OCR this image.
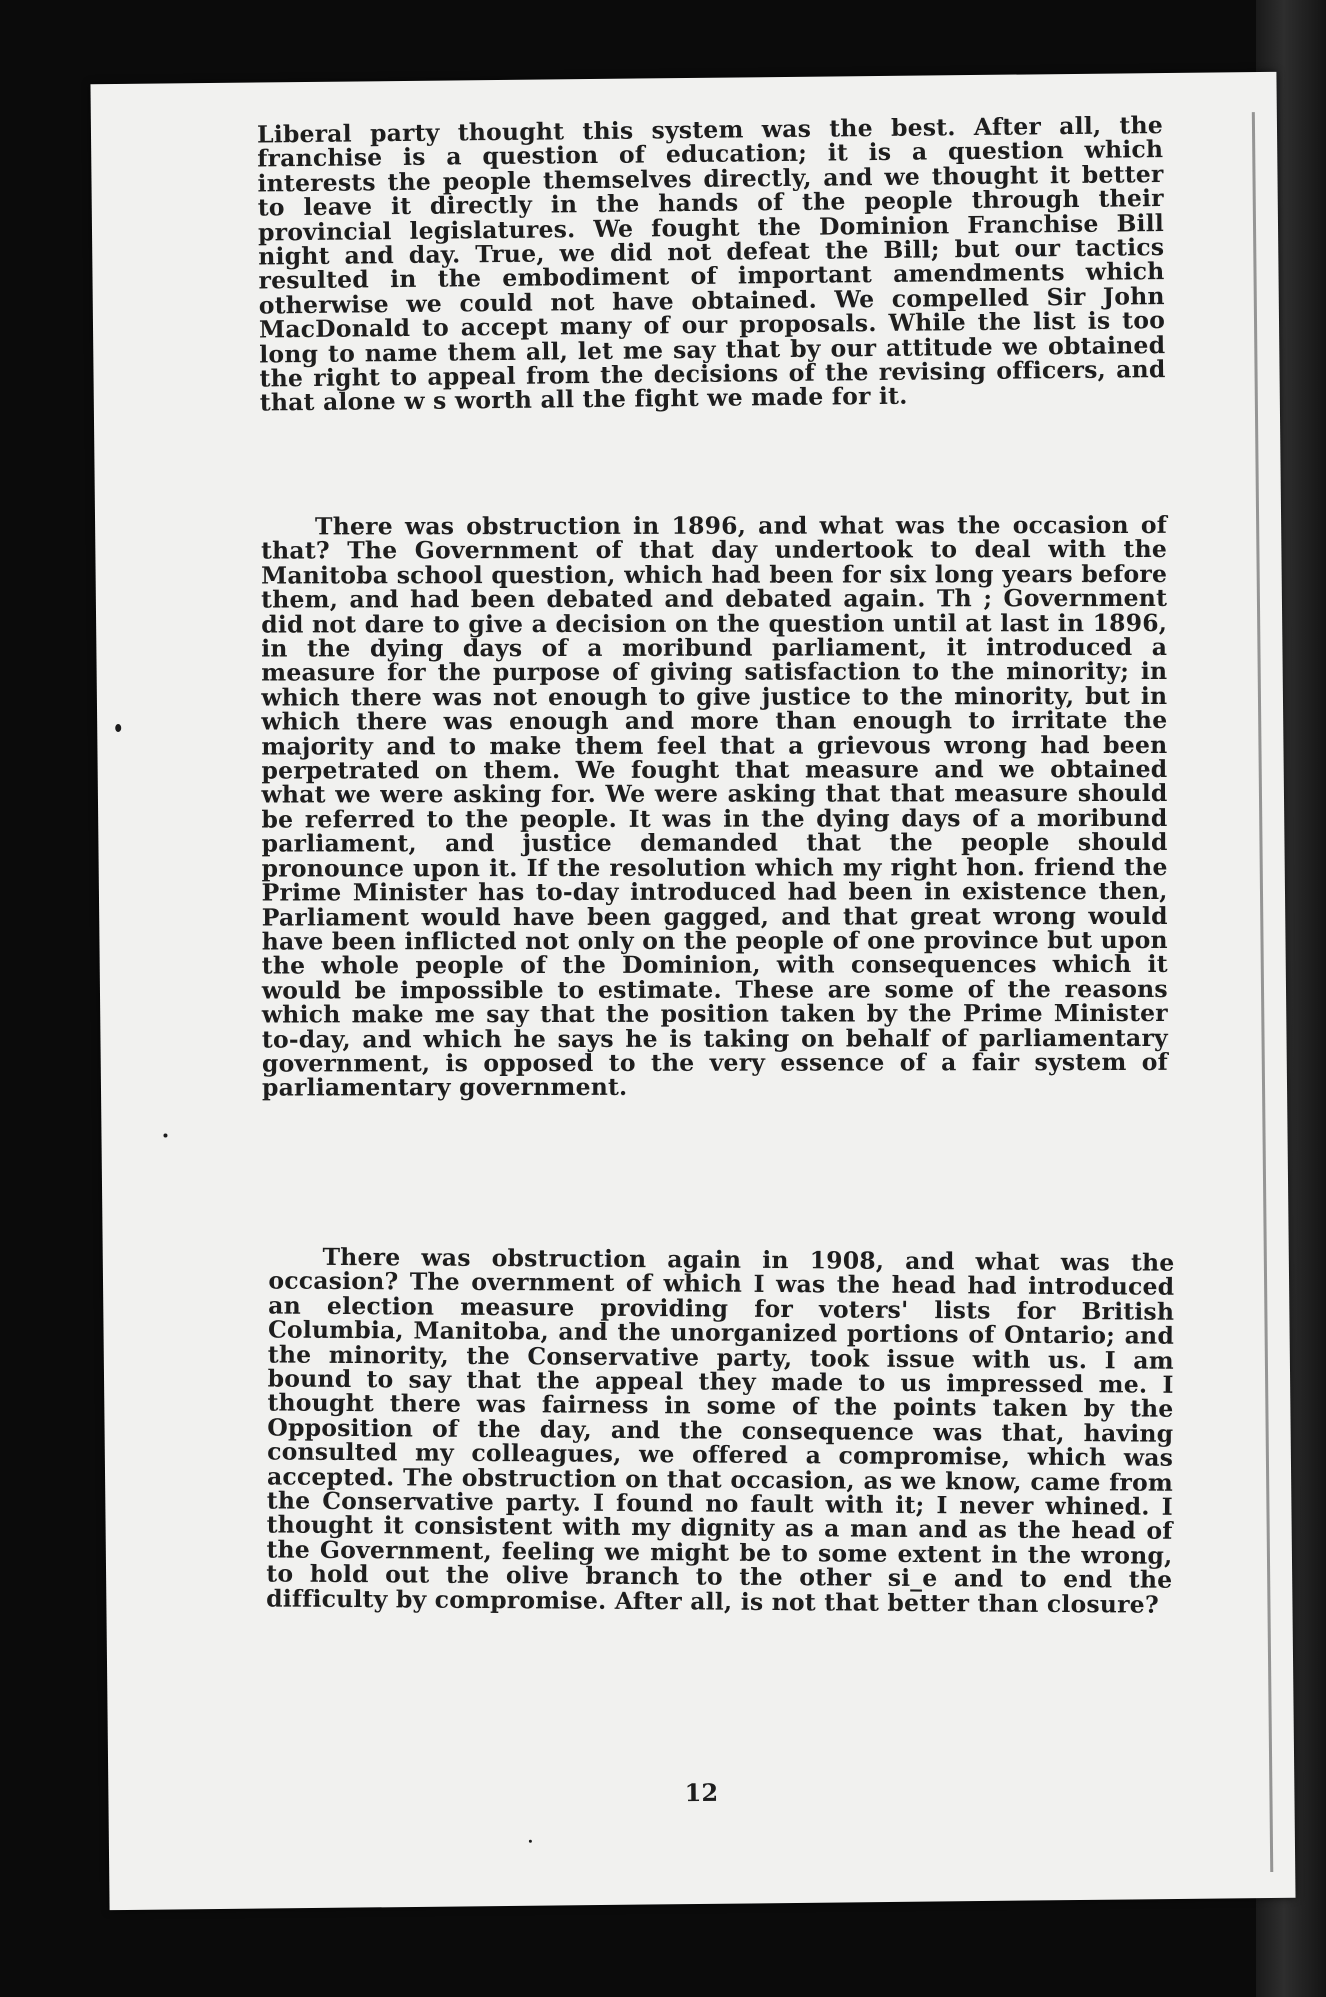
Liberal party thought this system was the best. After all, the franchise is a question of education; it is a question which interests the people themselves directly, and we thought it better to leave it directly in the hands of the people through their provincial legislatures. We fought the Dominion Franchise Bill night and day. True, we did not defeat the Bill; but our tactics resulted in the embodiment of important amendments which otherwise we could not have obtained. We compelled Sir John MacDonald to accept many of our proposals. While the list is too long to name them all, let me say that by our attitude we obtained the right to appeal from the decisions of the revising officers, and that alone w s worth all the fight we made for it.

There was obstruction in 1896, and what was the occasion of that? The Government of that day undertook to deal with the Manitoba school question, which had been for six long years before them, and had been debated and debated again. Th ; Government did not dare to give a decision on the question until at last in 1896, in the dying days of a moribund parliament, it introduced a measure for the purpose of giving satisfaction to the minority; in which there was not enough to give justice to the minority, but in which there was enough and more than enough to irritate the majority and to make them feel that a grievous wrong had been perpetrated on them. We fought that measure and we obtained what we were asking for. We were asking that that measure should be referred to the people. It was in the dying days of a moribund parliament, and justice demanded that the people should pronounce upon it. If the resolution which my right hon. friend the Prime Minister has to-day introduced had been in existence then, Parliament would have been gagged, and that great wrong would have been inflicted not only on the people of one province but upon the whole people of the Dominion, with consequences which it would be impossible to estimate. These are some of the reasons which make me say that the position taken by the Prime Minister to-day, and which he says he is taking on behalf of parliamentary government, is opposed to the very essence of a fair system of parliamentary government.

There was obstruction again in 1908, and what was the occasion? The overnment of which I was the head had introduced an election measure providing for voters' lists for British Columbia, Manitoba, and the unorganized portions of Ontario; and the minority, the Conservative party, took issue with us. I am bound to say that the appeal they made to us impressed me. I thought there was fairness in some of the points taken by the Opposition of the day, and the consequence was that, having consulted my colleagues, we offered a compromise, which was accepted. The obstruction on that occasion, as we know, came from the Conservative party. I found no fault with it; I never whined. I thought it consistent with my dignity as a man and as the head of the Government, feeling we might be to some extent in the wrong, to hold out the olive branch to the other si_e and to end the difficulty by compromise. After all, is not that better than closure?

12
